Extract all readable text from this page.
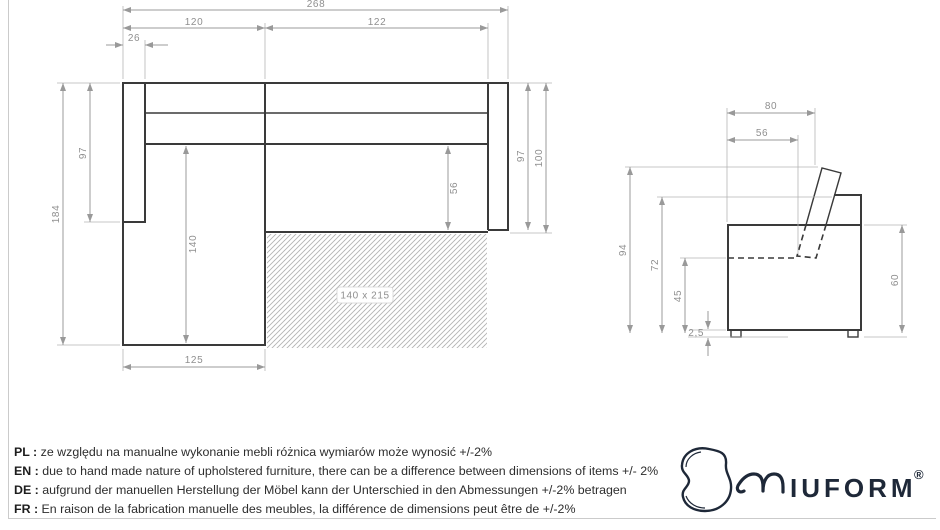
140 x 215
268
120	122
26
184
97	97 100
140
56
125
80
56
94
72
45
2,5
60
PL : ze względu na manualne wykonanie mebli różnica wymiarów może wynosić +/-2%
EN : due to hand made nature of upholstered furniture, there can be a difference between dimensions of items +/- 2%
DE : aufgrund der manuellen Herstellung der Möbel kann der Unterschied in den Abmessungen +/-2% betragen
FR : En raison de la fabrication manuelle des meubles, la différence de dimensions peut être de +/-2%
IUFORM
®
